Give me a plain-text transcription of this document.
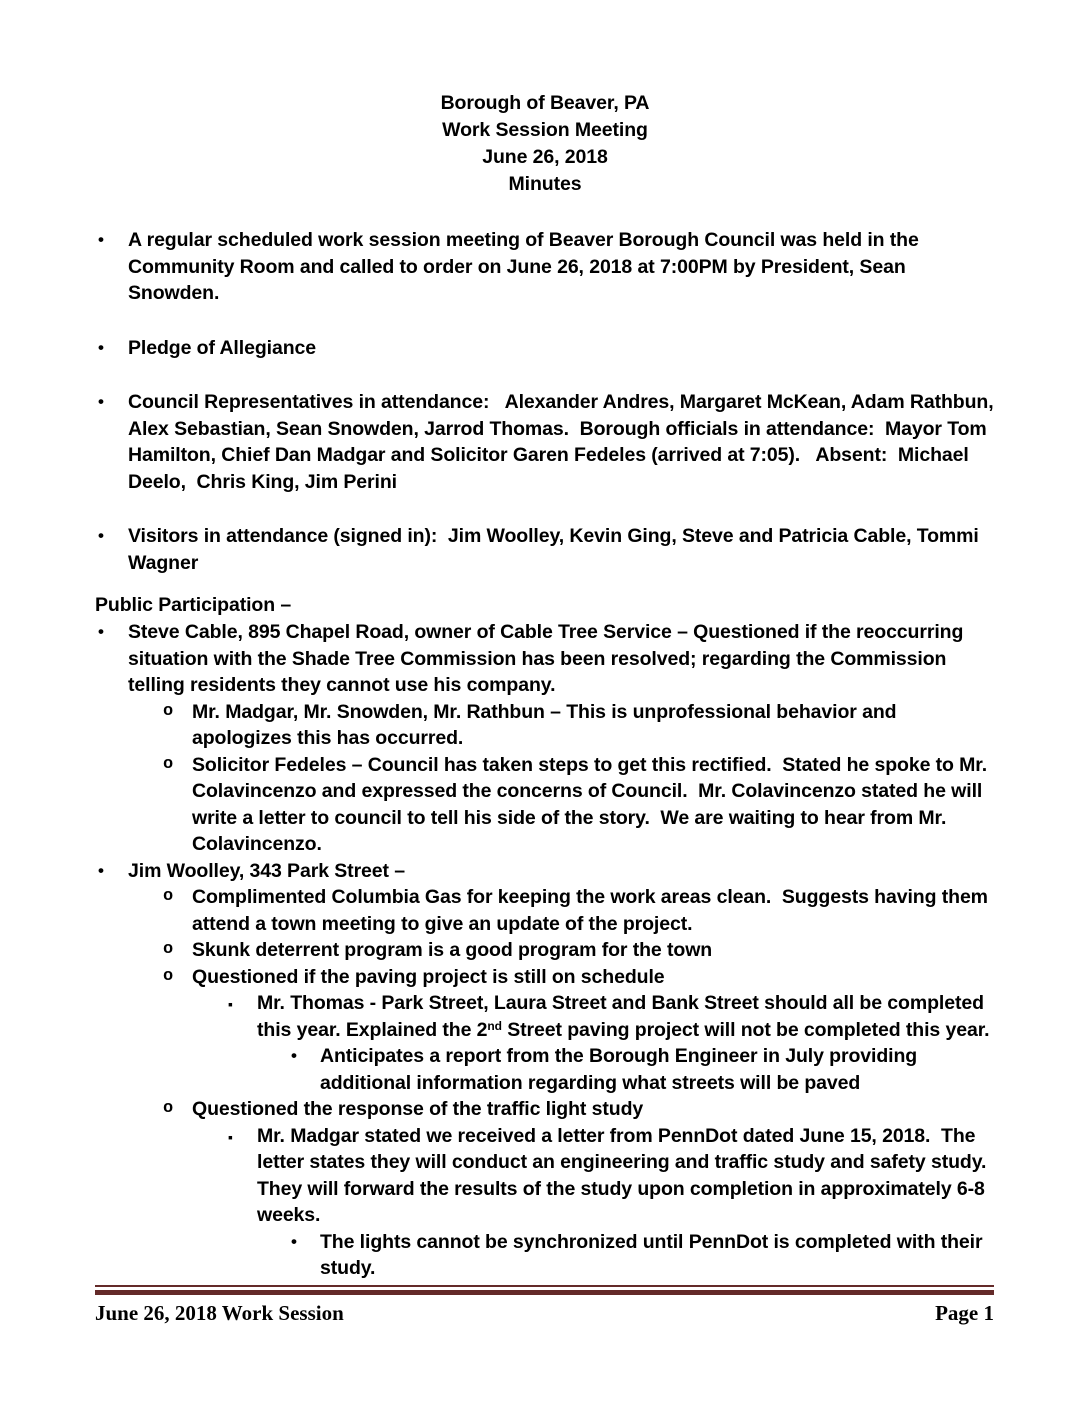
Borough of Beaver, PA
Work Session Meeting
June 26, 2018
Minutes
• A regular scheduled work session meeting of Beaver Borough Council was held in the Community Room and called to order on June 26, 2018 at 7:00PM by President, Sean Snowden.
• Pledge of Allegiance
• Council Representatives in attendance:   Alexander Andres, Margaret McKean, Adam Rathbun, Alex Sebastian, Sean Snowden, Jarrod Thomas.  Borough officials in attendance:  Mayor Tom Hamilton, Chief Dan Madgar and Solicitor Garen Fedeles (arrived at 7:05).   Absent:  Michael Deelo,  Chris King, Jim Perini
• Visitors in attendance (signed in):  Jim Woolley, Kevin Ging, Steve and Patricia Cable, Tommi Wagner
Public Participation –
• Steve Cable, 895 Chapel Road, owner of Cable Tree Service – Questioned if the reoccurring situation with the Shade Tree Commission has been resolved; regarding the Commission telling residents they cannot use his company.
o Mr. Madgar, Mr. Snowden, Mr. Rathbun – This is unprofessional behavior and apologizes this has occurred.
o Solicitor Fedeles – Council has taken steps to get this rectified.  Stated he spoke to Mr. Colavincenzo and expressed the concerns of Council.  Mr. Colavincenzo stated he will write a letter to council to tell his side of the story.  We are waiting to hear from Mr. Colavincenzo.
• Jim Woolley, 343 Park Street –
o Complimented Columbia Gas for keeping the work areas clean.  Suggests having them attend a town meeting to give an update of the project.
o Skunk deterrent program is a good program for the town
o Questioned if the paving project is still on schedule
▪ Mr. Thomas - Park Street, Laura Street and Bank Street should all be completed this year. Explained the 2nd Street paving project will not be completed this year.
• Anticipates a report from the Borough Engineer in July providing additional information regarding what streets will be paved
o Questioned the response of the traffic light study
▪ Mr. Madgar stated we received a letter from PennDot dated June 15, 2018.  The letter states they will conduct an engineering and traffic study and safety study.  They will forward the results of the study upon completion in approximately 6-8 weeks.
• The lights cannot be synchronized until PennDot is completed with their study.
June 26, 2018 Work Session	Page 1
